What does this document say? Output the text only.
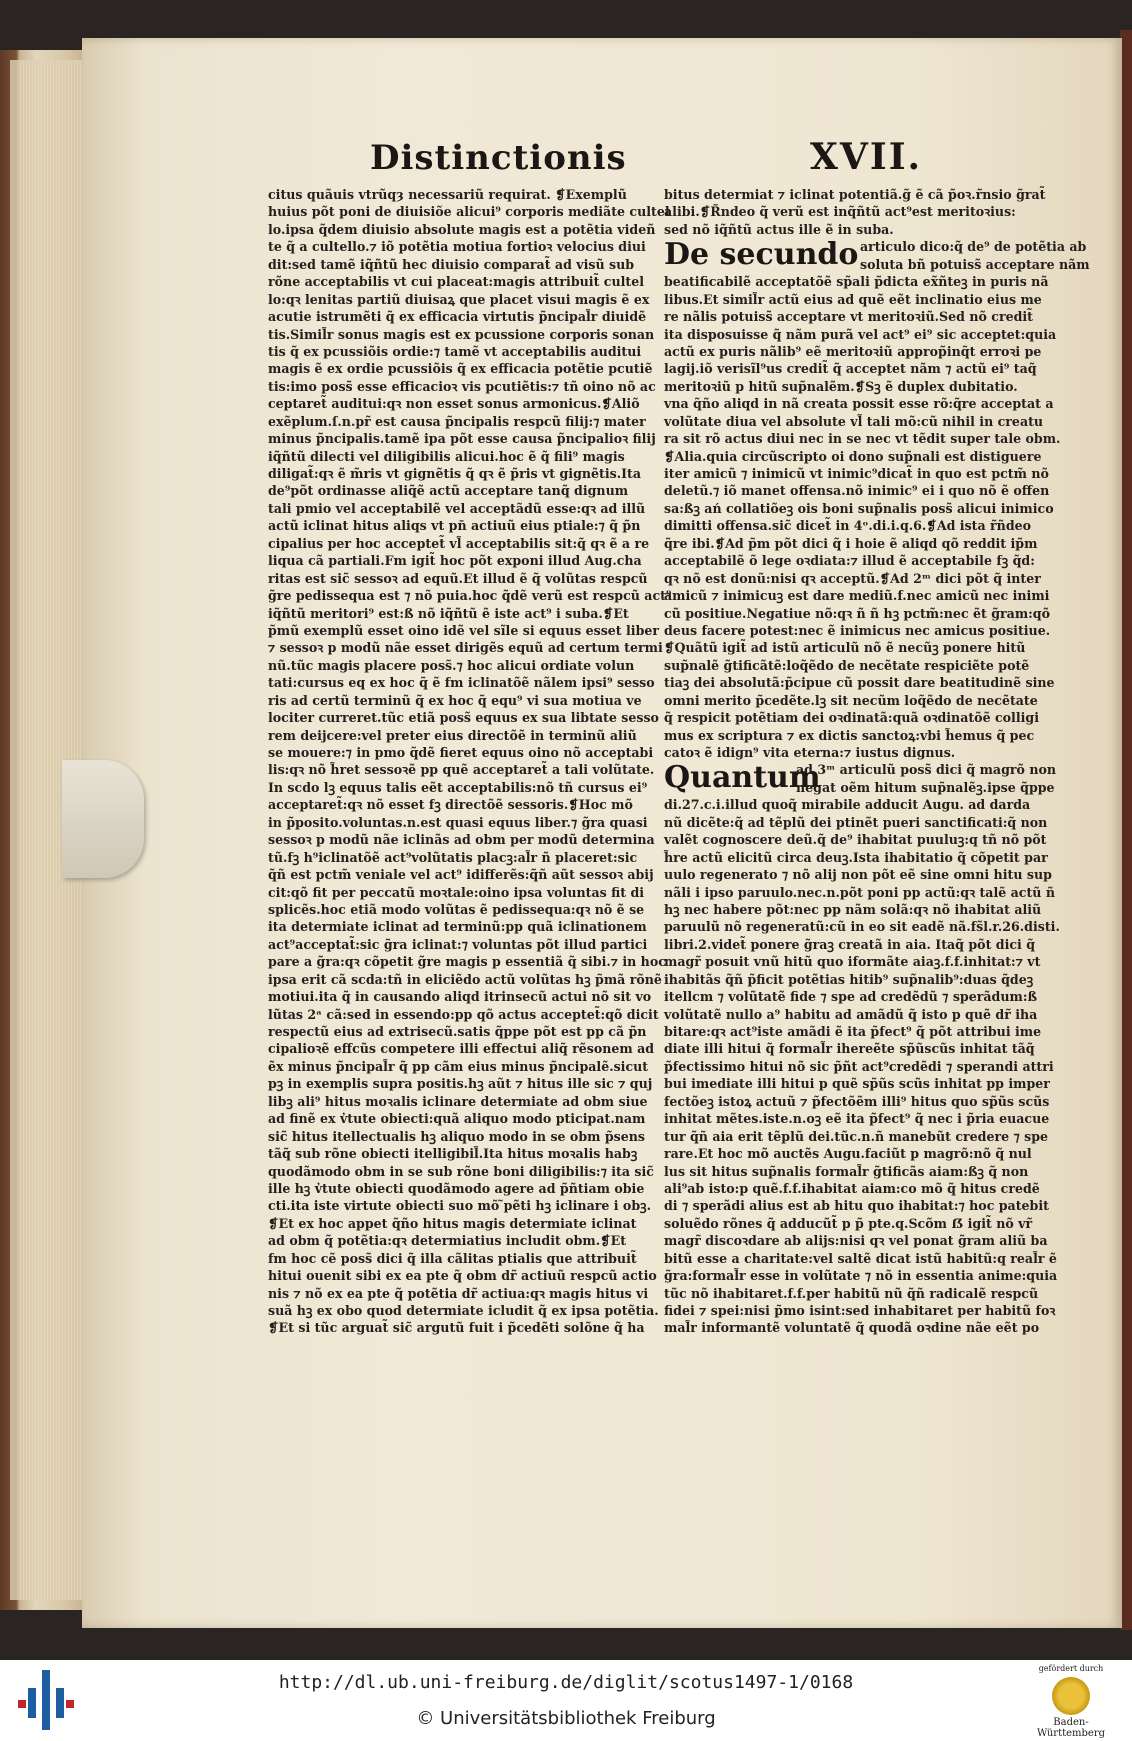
Distinctionis	XVII.
citus quãuis vtrũqȝ necessariũ requirat. ❡Exemplũ
huius põt poni de diuisiõe alicui⁹ corporis mediãte cultel
lo.ipsa q̃dem diuisio absolute magis est a potẽtia videñ
te q̃ a cultello.⁊ iõ potẽtia motiua fortioꝛ velocius diui
dit:sed tamẽ iq̃ñtũ hec diuisio comparat̃ ad visũ sub
rõne acceptabilis vt cui placeat:magis attribuit̃ cultel
lo:qꝛ lenitas partiũ diuisaꝝ que placet visui magis ẽ ex
acutie istrumẽti q̃ ex efficacia virtutis p̃ncipal̃r diuidẽ
tis.Simil̃r sonus magis est ex pcussione corporis sonan
tis q̃ ex pcussiõis ordie:⁊ tamẽ vt acceptabilis auditui
magis ẽ ex ordie pcussiõis q̃ ex efficacia potẽtie pcutiẽ
tis:imo poss̃ esse efficacioꝛ vis pcutiẽtis:⁊ tñ oino nõ ac
ceptaret̃ auditui:qꝛ non esset sonus armonicus.❡Aliõ
exẽplum.ſ.n.pr̃ est causa p̃ncipalis respcũ filij:⁊ mater
minus p̃ncipalis.tamẽ ipa põt esse causa p̃ncipalioꝛ filij
iq̃ñtũ dilecti vel diligibilis alicui.hoc ẽ q̃ fili⁹ magis
diligat̃:qꝛ ẽ m̃ris vt gignẽtis q̃ qꝛ ẽ p̃ris vt gignẽtis.Ita
de⁹põt ordinasse aliq̃ẽ actũ acceptare tanq̃ dignum
tali pmio vel acceptabilẽ vel acceptãdũ esse:qꝛ ad illũ
actũ iclinat hitus aliqs vt pn̄ actiuũ eius ptiale:⁊ q̃ p̃n
cipalius per hoc acceptet̃ vl̃ acceptabilis sit:q̃ qꝛ ẽ a re
liqua cã partiali.Fm igit̃ hoc põt exponi illud Aug.cha
ritas est sic̃ sessoꝛ ad equũ.Et illud ẽ q̃ volũtas respcũ
g̃re pedissequa est ⁊ nõ puia.hoc q̃dẽ verũ est respcũ act⁹
iq̃ñtũ meritori⁹ est:ß nõ iq̃ñtũ ẽ iste act⁹ i suba.❡Et
p̃mũ exemplũ esset oino idẽ vel sĩle si equus esset liber
⁊ sessoꝛ p modũ nãe esset dirigẽs equũ ad certum termi
nũ.tũc magis placere poss̃.⁊ hoc alicui ordiate volun
tati:cursus eq ex hoc q̃ ẽ fm iclinatõẽ nãlem ipsi⁹ sesso
ris ad certũ terminũ q̃ ex hoc q̃ equ⁹ vi sua motiua ve
lociter curreret.tũc etiã poss̃ equus ex sua libtate sesso
rem deijcere:vel preter eius directõẽ in terminũ aliũ
se mouere:⁊ in pmo q̃dẽ fieret equus oino nõ acceptabi
lis:qꝛ nõ h̃ret sessoꝛẽ pp quẽ acceptaret̃ a tali volũtate.
In scdo lꝫ equus talis eẽt acceptabilis:nõ tñ cursus ei⁹
acceptaret̃:qꝛ nõ esset fꝫ directõẽ sessoris.❡Hoc mõ
in p̃posito.voluntas.n.est quasi equus liber.⁊ g̃ra quasi
sessoꝛ p modũ nãe iclinãs ad obm per modũ determina
tũ.fꝫ h⁹iclinatõẽ act⁹volũtatis placꝫ:al̃r ñ placeret:sic
q̃ñ est pctm̃ veniale vel act⁹ idifferẽs:q̃ñ aũt sessoꝛ abij
cit:qõ fit per peccatũ moꝛtale:oino ipsa voluntas fit di
splicẽs.hoc etiã modo volũtas ẽ pedissequa:qꝛ nõ ẽ se
ita determiate iclinat ad terminũ:pp quã iclinationem
act⁹acceptat̃:sic g̃ra iclinat:⁊ voluntas põt illud partici
pare a g̃ra:qꝛ cõpetit g̃re magis p essentiã q̃ sibi.⁊ in hoc
ipsa erit cã scda:tñ in eliciẽdo actũ volũtas hꝫ p̃mã rõnẽ
motiui.ita q̃ in causando aliqd itrinsecũ actui nõ sit vo
lũtas 2ᵃ cã:sed in essendo:pp qõ actus acceptet̃:qõ dicit
respectũ eius ad extrisecũ.satis q̃ppe põt est pp cã p̃n
cipalioꝛẽ effcũs competere illi effectui aliq̃ rẽsonem ad
ẽx minus p̃ncipal̃r q̃ pp cãm eius minus p̃ncipalẽ.sicut
pꝫ in exemplis supra positis.hꝫ aũt ⁊ hitus ille sic ⁊ quj
libꝫ ali⁹ hitus moꝛalis iclinare determiate ad obm siue
ad finẽ ex v̓tute obiecti:quã aliquo modo pticipat.nam
sic̃ hitus itellectualis hꝫ aliquo modo in se obm p̃sens
tãq̃ sub rõne obiecti itelligibil̃.Ita hitus moꝛalis habꝫ
quodãmodo obm in se sub rõne boni diligibilis:⁊ ita sic̃
ille hꝫ v̓tute obiecti quodãmodo agere ad p̃ñtiam obie
cti.ita iste virtute obiecti suo mõ ̃pẽti hꝫ iclinare i obꝫ.
❡Et ex hoc appet q̃ño hitus magis determiate iclinat
ad obm q̃ potẽtia:qꝛ determiatius includit obm.❡Et
fm hoc cẽ poss̃ dici q̃ illa cãlitas ptialis que attribuit̃
hitui ouenit sibi ex ea pte q̃ obm dr̃ actiuũ respcũ actio
nis ⁊ nõ ex ea pte q̃ potẽtia dr̃ actiua:qꝛ magis hitus vi
suã hꝫ ex obo quod determiate icludit q̃ ex ipsa potẽtia.
❡Et si tũc arguat̃ sic̃ argutũ fuit i p̃cedẽti solõne q̃ ha
bitus determiat ⁊ iclinat potentiã.g̃ ẽ cã p̃oꝛ.r̃nsio g̃rat̃
alibi.❡R̃ndeo q̃ verũ est inq̃ñtũ act⁹est meritoꝛius:
sed nõ iq̃ñtũ actus ille ẽ in suba.
De secundo articulo dico:q̃ de⁹ de potẽtia ab
soluta bñ potuiss̃ acceptare nãm
beatificabilẽ acceptatõẽ sp̃ali p̃dicta ex̃ñteꝫ in puris nã
libus.Et simil̃r actũ eius ad quẽ eẽt inclinatio eius me
re nãlis potuiss̃ acceptare vt meritoꝛiũ.Sed nõ credit̃
ita disposuisse q̃ nãm purã vel act⁹ ei⁹ sic acceptet:quia
actũ ex puris nãlib⁹ eẽ meritoꝛiũ approp̃inq̃t erroꝛi pe
lagij.iõ verisĩl⁹us credit̃ q̃ acceptet nãm ⁊ actũ ei⁹ taq̃
meritoꝛiũ p hitũ sup̃nalẽm.❡Sꝫ ẽ duplex dubitatio.
vna q̃ño aliqd in nã creata possit esse rõ:q̃re acceptat a
volũtate diua vel absolute vl̃ tali mõ:cũ nihil in creatu
ra sit rõ actus diui nec in se nec vt tẽdit super tale obm.
❡Alia.quia circũscripto oi dono sup̃nali est distiguere
iter amicũ ⁊ inimicũ vt inimic⁹dicat̃ in quo est pctm̃ nõ
deletũ.⁊ iõ manet offensa.nõ inimic⁹ ei i quo nõ ẽ offen
sa:ßꝫ ań collatiõeꝫ ois boni sup̃nalis poss̃ alicui inimico
dimitti offensa.sic̃ dicet̃ in 4ᵒ.di.i.q.6.❡Ad ista r̃ñdeo
q̃re ibi.❡Ad p̃m põt dici q̃ i hoie ẽ aliqd qõ reddit ip̃m
acceptabilẽ õ lege oꝛdiata:⁊ illud ẽ acceptabile fꝫ q̃d:
qꝛ nõ est donũ:nisi qꝛ acceptũ.❡Ad 2ᵐ dici põt q̃ inter
amicũ ⁊ inimicuꝫ est dare mediũ.f.nec amicũ nec inimi
cũ positiue.Negatiue nõ:qꝛ ñ ñ hꝫ pctm̃:nec ẽt g̃ram:qõ
deus facere potest:nec ẽ inimicus nec amicus positiue.
❡Quãtũ igit̃ ad istũ articulũ nõ ẽ necũꝫ ponere hitũ
sup̃nalẽ g̃tificãtẽ:loq̃ẽdo de necẽtate respiciẽte potẽ
tiaꝫ dei absolutã:p̃cipue cũ possit dare beatitudinẽ sine
omni merito p̃cedẽte.lꝫ sit necũm loq̃ẽdo de necẽtate
q̃ respicit potẽtiam dei oꝛdinatã:quã oꝛdinatõẽ colligi
mus ex scriptura ⁊ ex dictis sanctoꝝ:vbi h̃emus q̃ pec
catoꝛ ẽ idign⁹ vita eterna:⁊ iustus dignus.
Quantum
ad 3ᵐ articulũ poss̃ dici q̃ magrõ non
negat oẽm hitum sup̃nalẽꝫ.ipse q̃ppe
di.27.c.i.illud quoq̃ mirabile adducit Augu. ad darda
nũ dicẽte:q̃ ad tẽplũ dei ptinẽt pueri sanctificati:q̃ non
valẽt cognoscere deũ.q̃ de⁹ ihabitat puuluꝫ:q tñ nõ põt
h̃re actũ elicitũ circa deuꝫ.Ista ihabitatio q̃ cõpetit par
uulo regenerato ⁊ nõ alij non põt eẽ sine omni hitu sup
nãli i ipso paruulo.nec.n.põt poni pp actũ:qꝛ talẽ actũ ñ
hꝫ nec habere põt:nec pp nãm solã:qꝛ nõ ihabitat aliũ
paruulũ nõ regeneratũ:cũ in eo sit eadẽ nã.fs̃l.r.26.disti.
libri.2.videt̃ ponere g̃raꝫ creatã in aia. Itaq̃ põt dici q̃
magr̃ posuit vnũ hitũ quo iformãte aiaꝫ.f.f.inhitat:⁊ vt
ihabitãs q̃ñ p̃ficit potẽtias hitib⁹ sup̃nalib⁹:duas q̃deꝫ
itellcm ⁊ volũtatẽ fide ⁊ spe ad credẽdũ ⁊ sperãdum:ß
volũtatẽ nullo a⁹ habitu ad amãdũ q̃ isto p quẽ dr̃ iha
bitare:qꝛ act⁹iste amãdi ẽ ita p̃fect⁹ q̃ põt attribui ime
diate illi hitui q̃ formal̃r ihereẽte sp̃ũscũs inhitat tãq̃
p̃fectissimo hitui nõ sic p̃ñt act⁹credẽdi ⁊ sperandi attri
bui imediate illi hitui p quẽ sp̃ũs scũs inhitat pp imper
fectõeꝫ istoꝝ actuũ ⁊ p̃fectõẽm illi⁹ hitus quo sp̃ũs scũs
inhitat mẽtes.iste.n.oꝫ eẽ ita p̃fect⁹ q̃ nec i p̃ria euacue
tur q̃ñ aia erit tẽplũ dei.tũc.n.ñ manebũt credere ⁊ spe
rare.Et hoc mõ auctẽs Augu.faciũt p magrõ:nõ q̃ nul
lus sit hitus sup̃nalis formal̃r g̃tificãs aiam:ßꝫ q̃ non
ali⁹ab isto:p quẽ.f.f.ihabitat aiam:co mõ q̃ hitus credẽ
di ⁊ sperãdi alius est ab hitu quo ihabitat:⁊ hoc patebit
soluẽdo rõnes q̃ adducũt̃ p p̃ pte.q.Scõm ẞ igit̃ nõ vr̃
magr̃ discoꝛdare ab alijs:nisi qꝛ vel ponat g̃ram aliũ ba
bitũ esse a charitate:vel saltẽ dicat istũ habitũ:q real̃r ẽ
g̃ra:formal̃r esse in volũtate ⁊ nõ in essentia anime:quia
tũc nõ ihabitaret.f.f.per habitũ nũ q̃ñ radicalẽ respcũ
fidei ⁊ spei:nisi p̃mo isint:sed inhabitaret per habitũ foꝛ
mal̃r informantẽ voluntatẽ q̃ quodã oꝛdine nãe eẽt po
http://dl.ub.uni-freiburg.de/diglit/scotus1497-1/0168
© Universitätsbibliothek Freiburg
gefördert durch
Baden-Württemberg
